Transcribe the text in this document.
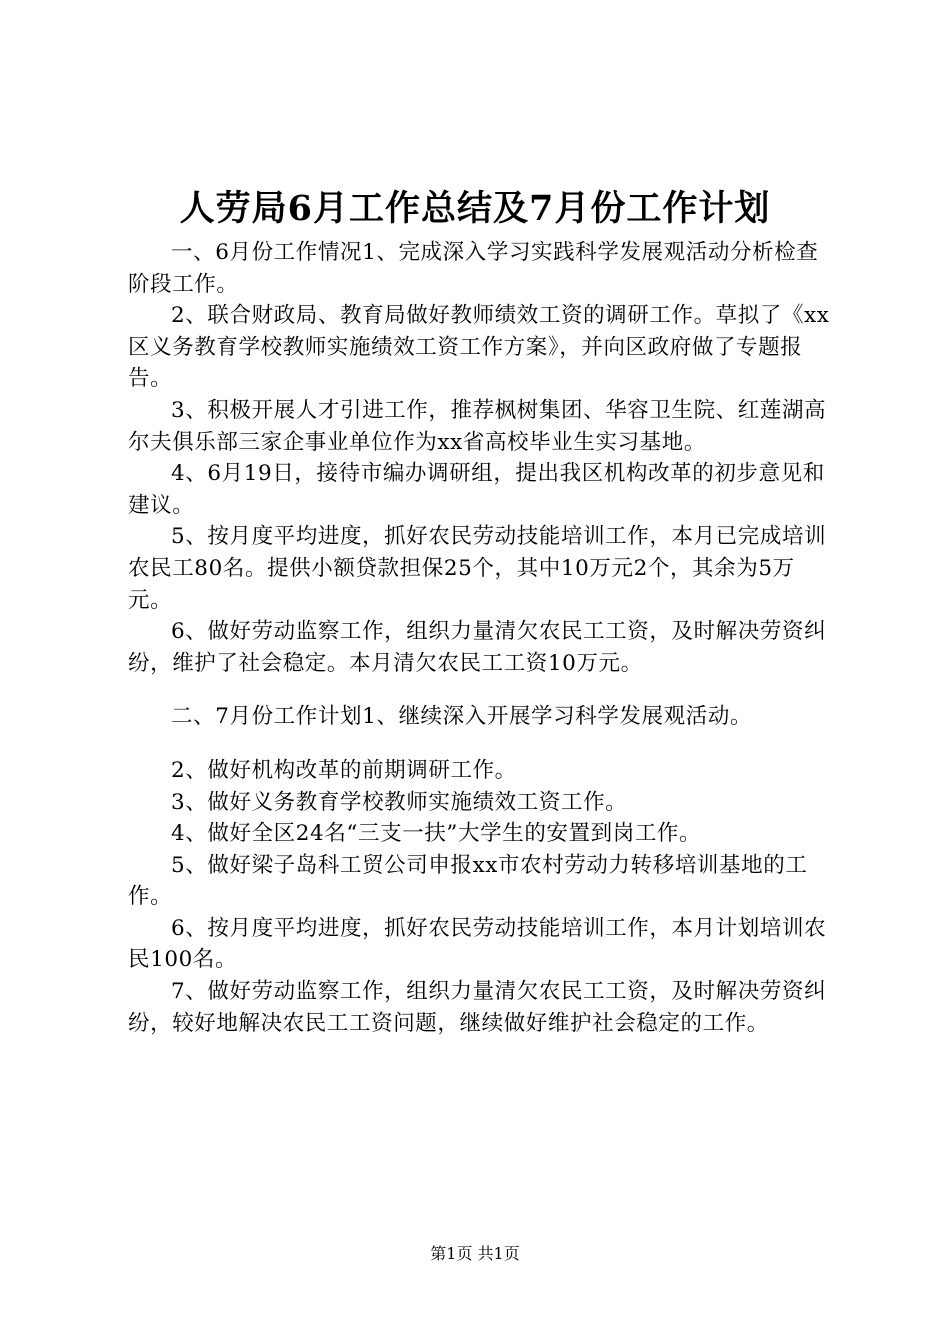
人劳局6月工作总结及7月份工作计划

一、6月份工作情况1、完成深入学习实践科学发展观活动分析检查阶段工作。

2、联合财政局、教育局做好教师绩效工资的调研工作。草拟了《xx区义务教育学校教师实施绩效工资工作方案》，并向区政府做了专题报告。

3、积极开展人才引进工作，推荐枫树集团、华容卫生院、红莲湖高尔夫俱乐部三家企事业单位作为xx省高校毕业生实习基地。

4、6月19日，接待市编办调研组，提出我区机构改革的初步意见和建议。

5、按月度平均进度，抓好农民劳动技能培训工作，本月已完成培训农民工80名。提供小额贷款担保25个，其中10万元2个，其余为5万元。

6、做好劳动监察工作，组织力量清欠农民工工资，及时解决劳资纠纷，维护了社会稳定。本月清欠农民工工资10万元。

二、7月份工作计划1、继续深入开展学习科学发展观活动。

2、做好机构改革的前期调研工作。

3、做好义务教育学校教师实施绩效工资工作。

4、做好全区24名“三支一扶”大学生的安置到岗工作。

5、做好梁子岛科工贸公司申报xx市农村劳动力转移培训基地的工作。

6、按月度平均进度，抓好农民劳动技能培训工作，本月计划培训农民100名。

7、做好劳动监察工作，组织力量清欠农民工工资，及时解决劳资纠纷，较好地解决农民工工资问题，继续做好维护社会稳定的工作。

第1页 共1页
